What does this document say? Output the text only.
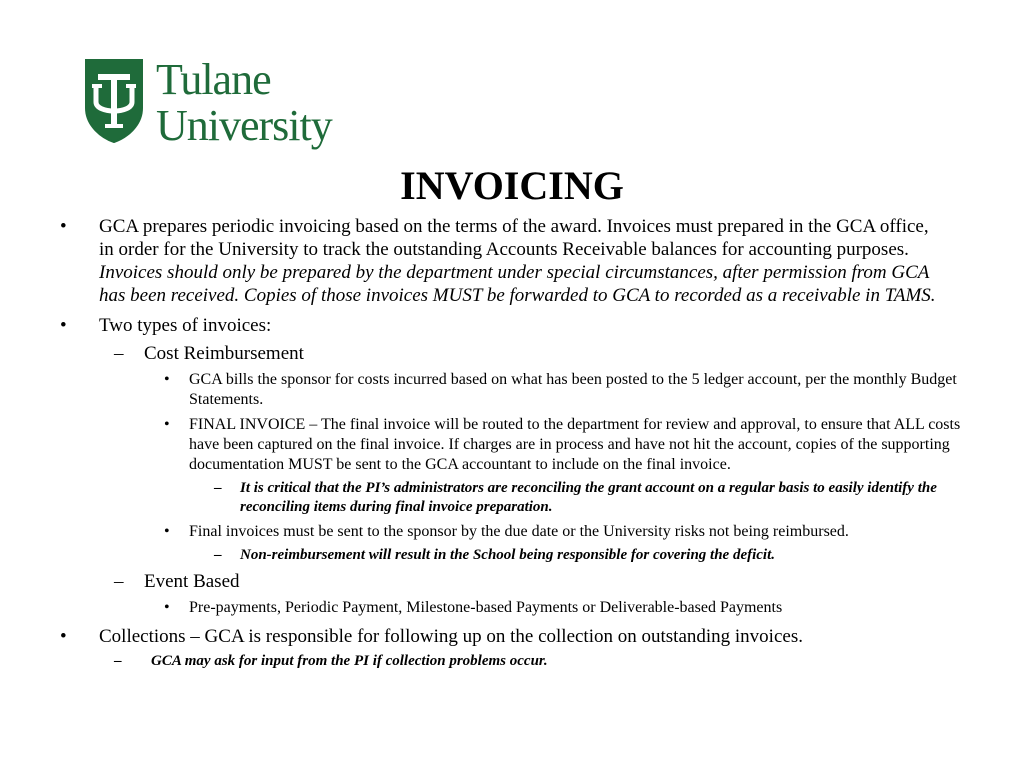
Tulane
University
INVOICING
• GCA prepares periodic invoicing based on the terms of the award. Invoices must prepared in the GCA office, in order for the University to track the outstanding Accounts Receivable balances for accounting purposes. Invoices should only be prepared by the department under special circumstances, after permission from GCA has been received. Copies of those invoices MUST be forwarded to GCA to recorded as a receivable in TAMS.
• Two types of invoices:
– Cost Reimbursement
• GCA bills the sponsor for costs incurred based on what has been posted to the 5 ledger account, per the monthly Budget Statements.
• FINAL INVOICE – The final invoice will be routed to the department for review and approval, to ensure that ALL costs have been captured on the final invoice. If charges are in process and have not hit the account, copies of the supporting documentation MUST be sent to the GCA accountant to include on the final invoice.
– It is critical that the PI’s administrators are reconciling the grant account on a regular basis to easily identify the reconciling items during final invoice preparation.
• Final invoices must be sent to the sponsor by the due date or the University risks not being reimbursed.
– Non-reimbursement will result in the School being responsible for covering the deficit.
– Event Based
• Pre-payments, Periodic Payment, Milestone-based Payments or Deliverable-based Payments
• Collections – GCA is responsible for following up on the collection on outstanding invoices.
– GCA may ask for input from the PI if collection problems occur.
